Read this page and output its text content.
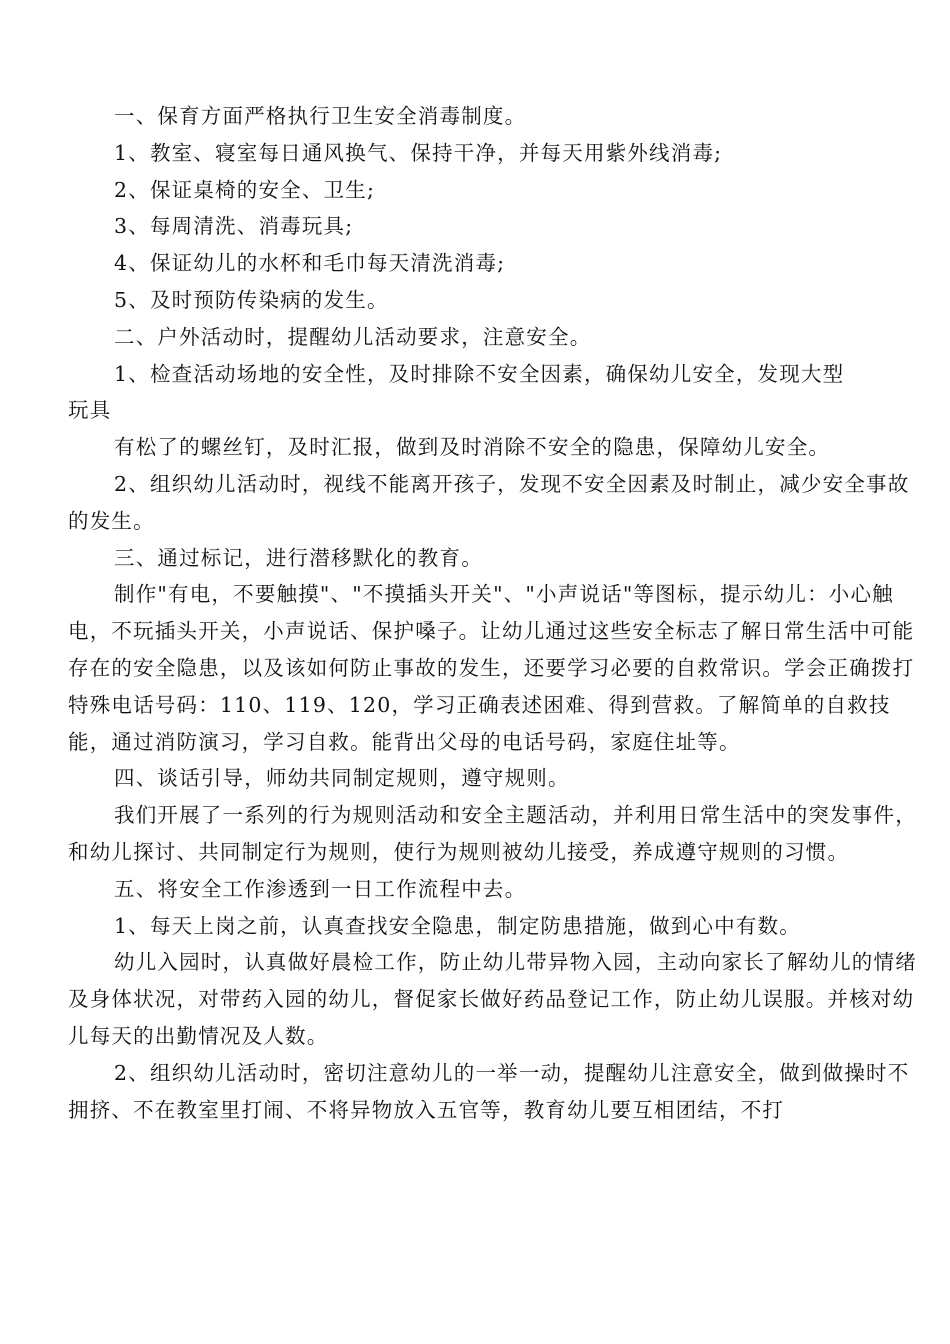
一、保育方面严格执行卫生安全消毒制度。

1、教室、寝室每日通风换气、保持干净，并每天用紫外线消毒;

2、保证桌椅的安全、卫生;

3、每周清洗、消毒玩具;

4、保证幼儿的水杯和毛巾每天清洗消毒;

5、及时预防传染病的发生。

二、户外活动时，提醒幼儿活动要求，注意安全。

1、检查活动场地的安全性，及时排除不安全因素，确保幼儿安全，发现大型

玩具

有松了的螺丝钉，及时汇报，做到及时消除不安全的隐患，保障幼儿安全。

2、组织幼儿活动时，视线不能离开孩子，发现不安全因素及时制止，减少安全事故的发生。

三、通过标记，进行潜移默化的教育。

制作"有电，不要触摸"、"不摸插头开关"、"小声说话"等图标，提示幼儿：小心触电，不玩插头开关，小声说话、保护嗓子。让幼儿通过这些安全标志了解日常生活中可能存在的安全隐患，以及该如何防止事故的发生，还要学习必要的自救常识。学会正确拨打特殊电话号码：110、119、120，学习正确表述困难、得到营救。了解简单的自救技能，通过消防演习，学习自救。能背出父母的电话号码，家庭住址等。

四、谈话引导，师幼共同制定规则，遵守规则。

我们开展了一系列的行为规则活动和安全主题活动，并利用日常生活中的突发事件，和幼儿探讨、共同制定行为规则，使行为规则被幼儿接受，养成遵守规则的习惯。

五、将安全工作渗透到一日工作流程中去。

1、每天上岗之前，认真查找安全隐患，制定防患措施，做到心中有数。

幼儿入园时，认真做好晨检工作，防止幼儿带异物入园，主动向家长了解幼儿的情绪及身体状况，对带药入园的幼儿，督促家长做好药品登记工作，防止幼儿误服。并核对幼儿每天的出勤情况及人数。

2、组织幼儿活动时，密切注意幼儿的一举一动，提醒幼儿注意安全，做到做操时不拥挤、不在教室里打闹、不将异物放入五官等，教育幼儿要互相团结，不打
